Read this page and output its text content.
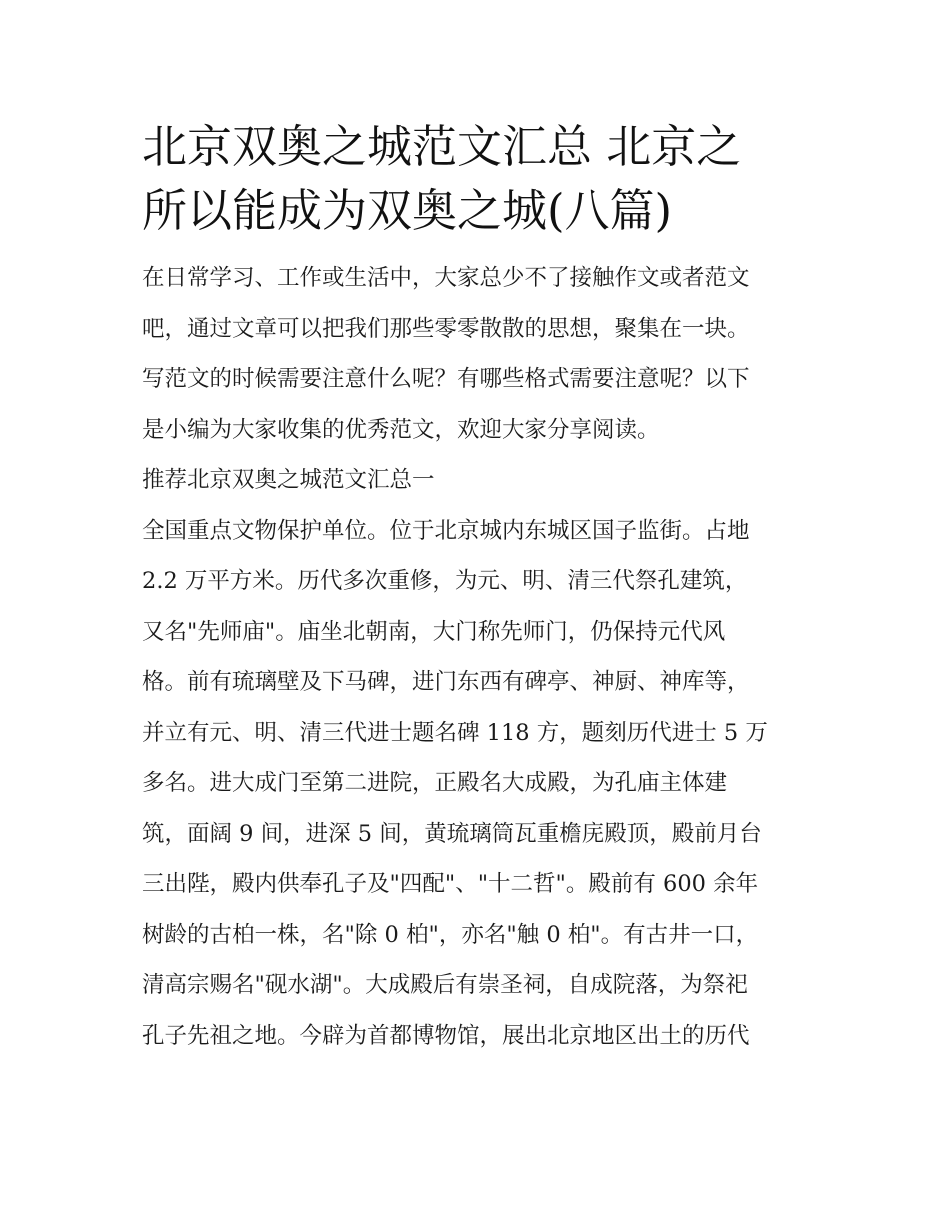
北京双奥之城范文汇总 北京之
所以能成为双奥之城(八篇)

在日常学习、工作或生活中，大家总少不了接触作文或者范文
吧，通过文章可以把我们那些零零散散的思想，聚集在一块。
写范文的时候需要注意什么呢？有哪些格式需要注意呢？以下
是小编为大家收集的优秀范文，欢迎大家分享阅读。

推荐北京双奥之城范文汇总一

全国重点文物保护单位。位于北京城内东城区国子监街。占地
2.2 万平方米。历代多次重修，为元、明、清三代祭孔建筑，
又名"先师庙"。庙坐北朝南，大门称先师门，仍保持元代风
格。前有琉璃壁及下马碑，进门东西有碑亭、神厨、神库等，
并立有元、明、清三代进士题名碑 118 方，题刻历代进士 5 万
多名。进大成门至第二进院，正殿名大成殿，为孔庙主体建
筑，面阔 9 间，进深 5 间，黄琉璃筒瓦重檐庑殿顶，殿前月台
三出陛，殿内供奉孔子及"四配"、"十二哲"。殿前有 600 余年
树龄的古柏一株，名"除 0 柏"，亦名"触 0 柏"。有古井一口，
清高宗赐名"砚水湖"。大成殿后有崇圣祠，自成院落，为祭祀
孔子先祖之地。今辟为首都博物馆，展出北京地区出土的历代
